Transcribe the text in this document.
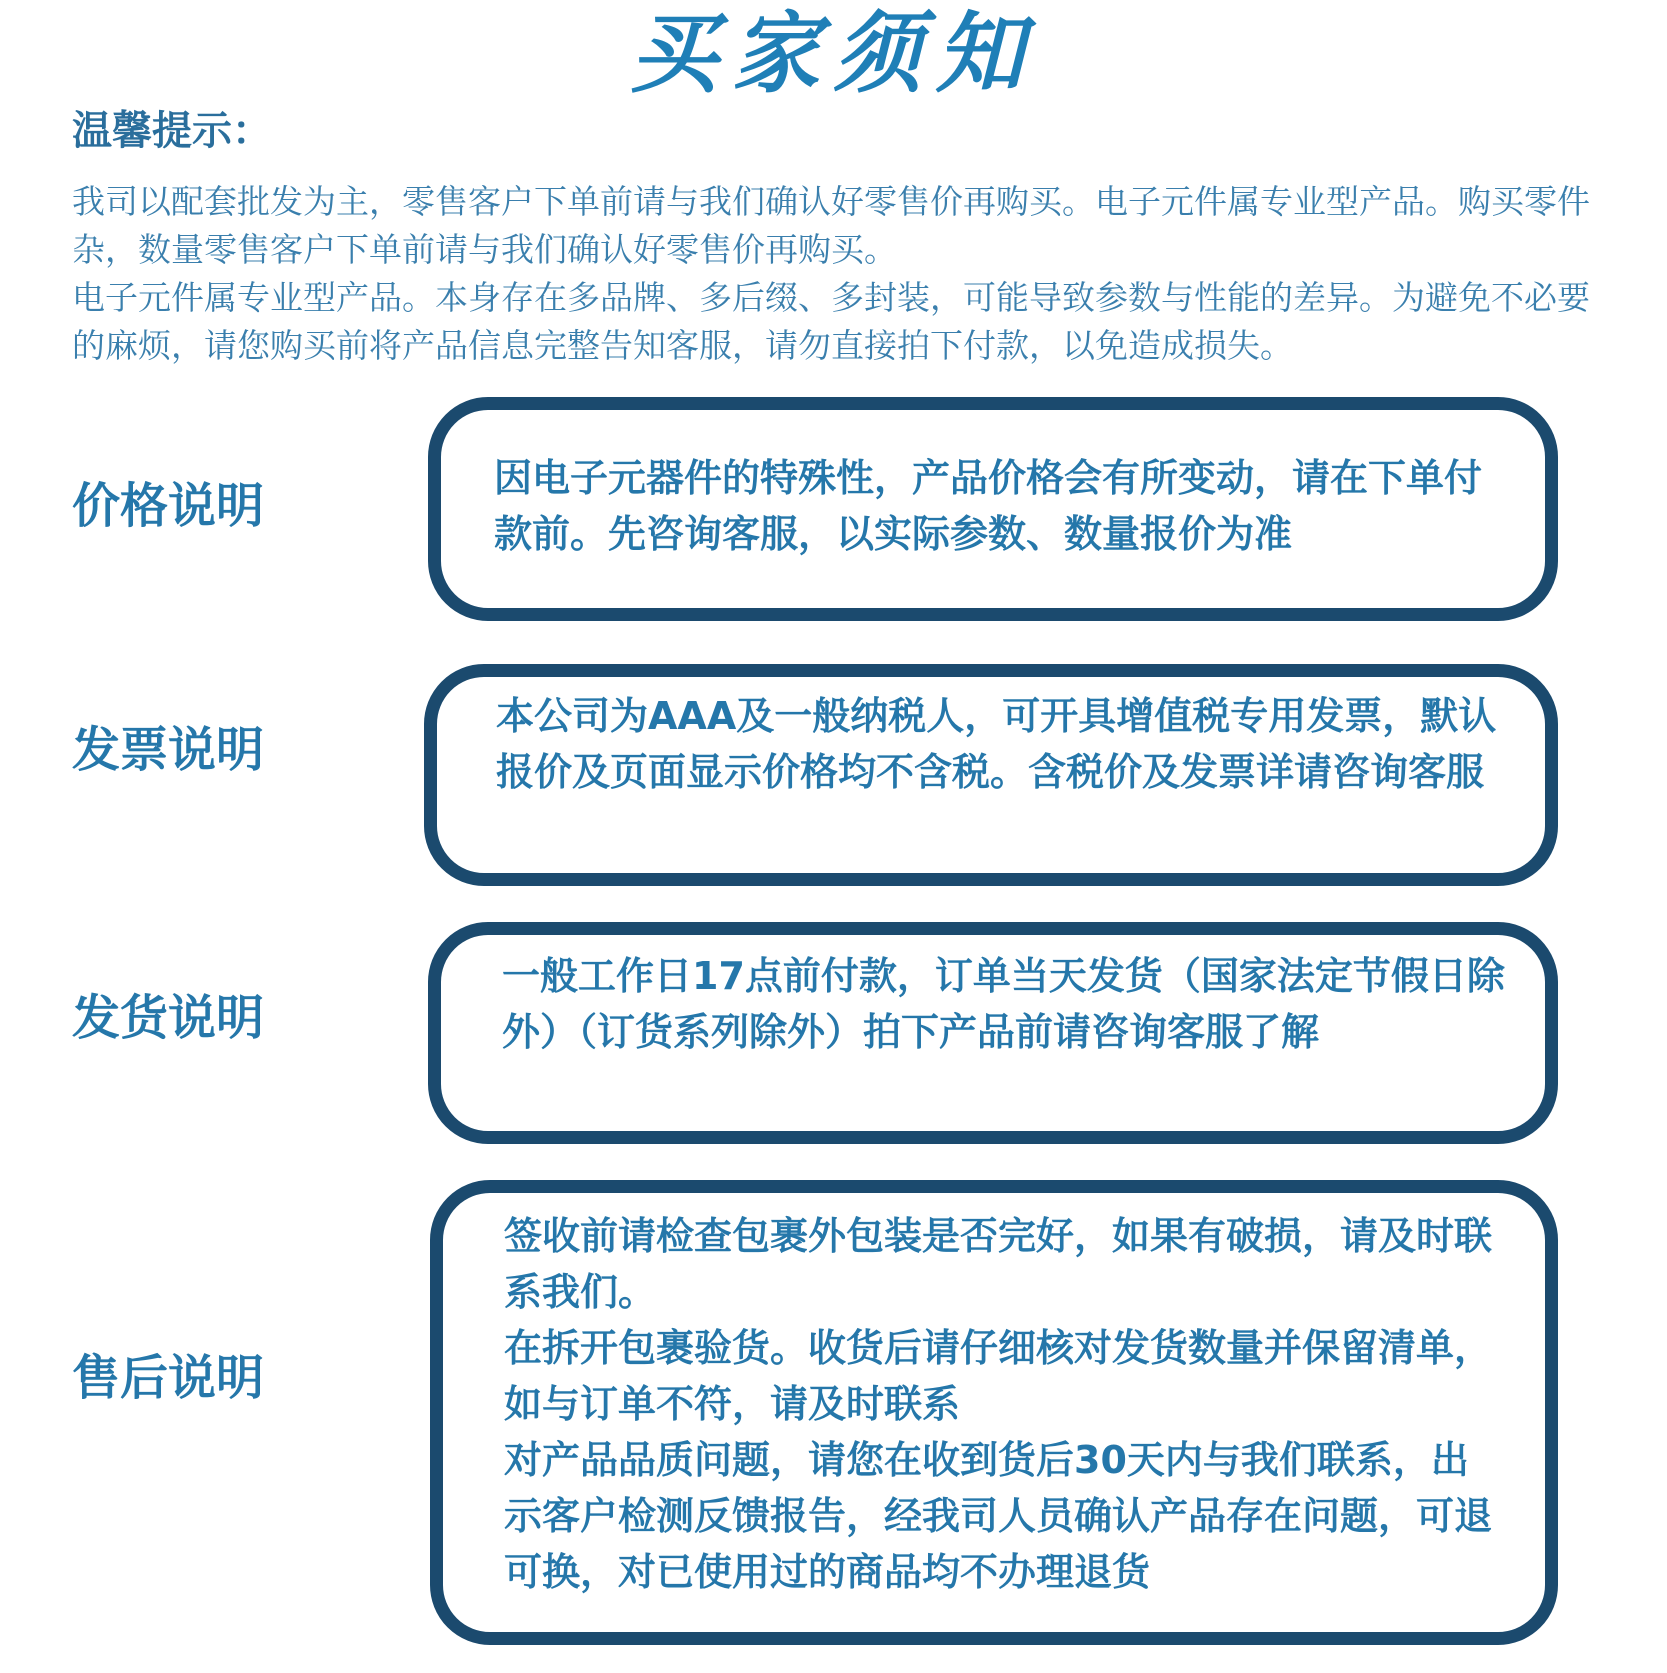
买家须知
温馨提示：

我司以配套批发为主，零售客户下单前请与我们确认好零售价再购买。电子元件属专业型产品。购买零件杂，数量零售客户下单前请与我们确认好零售价再购买。

电子元件属专业型产品。本身存在多品牌、多后缀、多封装，可能导致参数与性能的差异。为避免不必要的麻烦，请您购买前将产品信息完整告知客服，请勿直接拍下付款，以免造成损失。

价格说明	因电子元器件的特殊性，产品价格会有所变动，请在下单付款前。先咨询客服，以实际参数、数量报价为准

发票说明

本公司为AAA及一般纳税人，可开具增值税专用发票，默认报价及页面显示价格均不含税。含税价及发票详请咨询客服

发货说明

一般工作日17点前付款，订单当天发货（国家法定节假日除外）（订货系列除外）拍下产品前请咨询客服了解

售后说明

签收前请检查包裹外包装是否完好，如果有破损，请及时联系我们。

在拆开包裹验货。收货后请仔细核对发货数量并保留清单，如与订单不符，请及时联系

对产品品质问题，请您在收到货后30天内与我们联系，出示客户检测反馈报告，经我司人员确认产品存在问题，可退可换，对已使用过的商品均不办理退货
